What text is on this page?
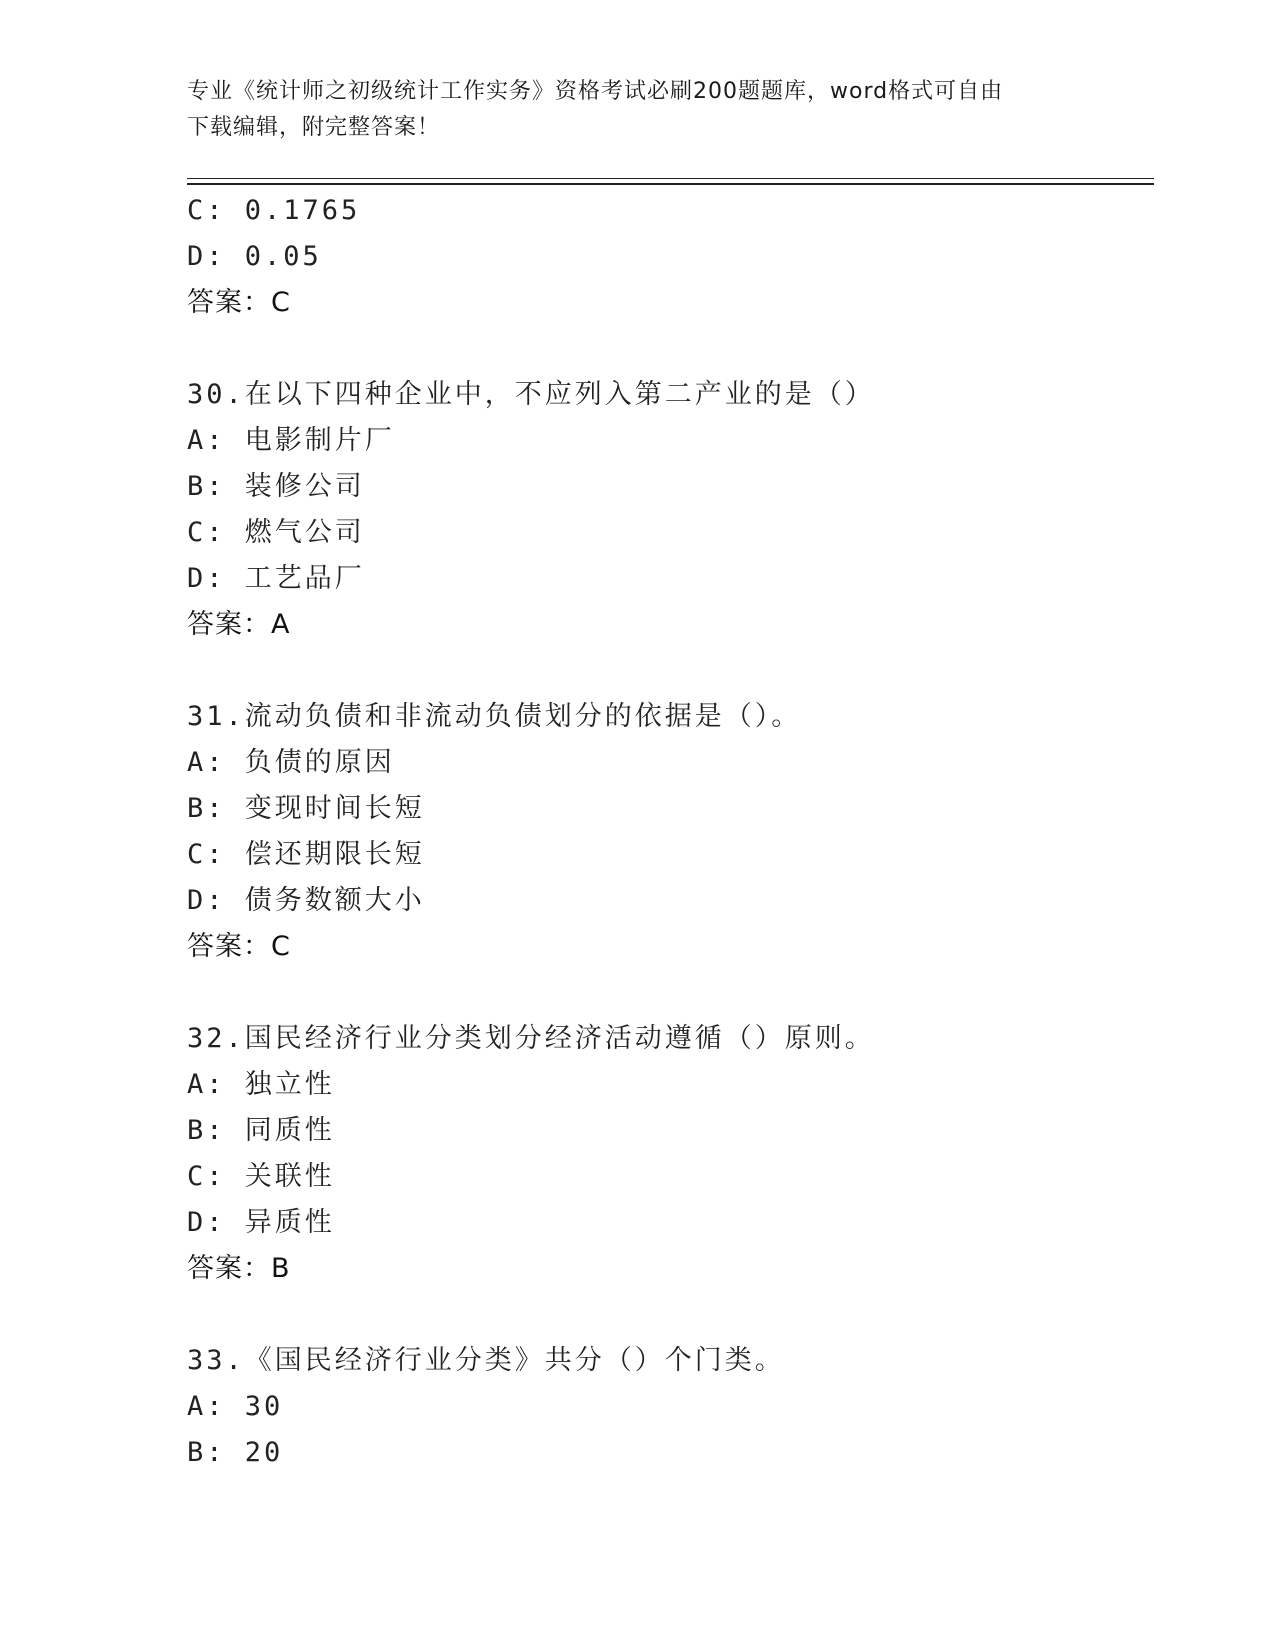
专业《统计师之初级统计工作实务》资格考试必刷200题题库，word格式可自由
下载编辑，附完整答案！
C: 0.1765
D: 0.05
答案：C
30.在以下四种企业中，不应列入第二产业的是（）
A: 电影制片厂
B: 装修公司
C: 燃气公司
D: 工艺品厂
答案：A
31.流动负债和非流动负债划分的依据是（）。
A: 负债的原因
B: 变现时间长短
C: 偿还期限长短
D: 债务数额大小
答案：C
32.国民经济行业分类划分经济活动遵循（）原则。
A: 独立性
B: 同质性
C: 关联性
D: 异质性
答案：B
33.《国民经济行业分类》共分（）个门类。
A: 30
B: 20
